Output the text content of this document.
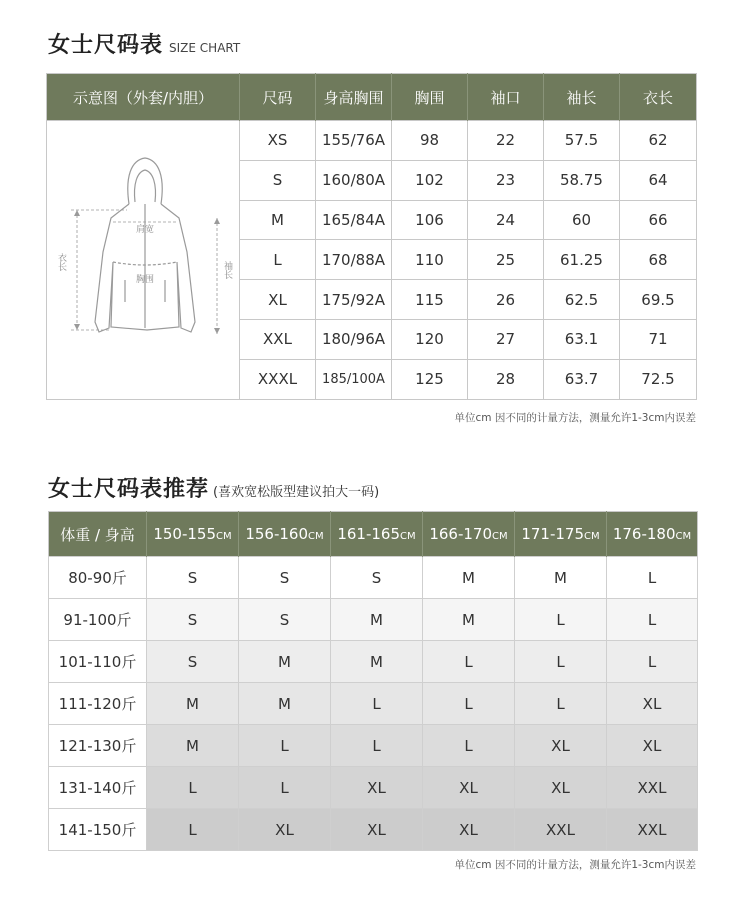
女士尺码表 SIZE CHART
示意图（外套/内胆）	尺码	身高胸围	胸围	袖口	袖长	衣长

肩宽
胸围
衣长 袖长	XS	155/76A	98	22	57.5	62
	S	160/80A	102	23	58.75	64
	M	165/84A	106	24	60	66
	L	170/88A	110	25	61.25	68
	XL	175/92A	115	26	62.5	69.5
	XXL	180/96A	120	27	63.1	71
	XXXL	185/100A	125	28	63.7	72.5
单位cm 因不同的计量方法，测量允许1-3cm内误差
女士尺码表推荐 (喜欢宽松版型建议拍大一码)
体重 / 身高	150-155CM	156-160CM	161-165CM	166-170CM	171-175CM	176-180CM
80-90斤	S	S	S	M	M	L
91-100斤	S	S	M	M	L	L
101-110斤	S	M	M	L	L	L
111-120斤	M	M	L	L	L	XL
121-130斤	M	L	L	L	XL	XL
131-140斤	L	L	XL	XL	XL	XXL
141-150斤	L	XL	XL	XL	XXL	XXL
单位cm 因不同的计量方法，测量允许1-3cm内误差
